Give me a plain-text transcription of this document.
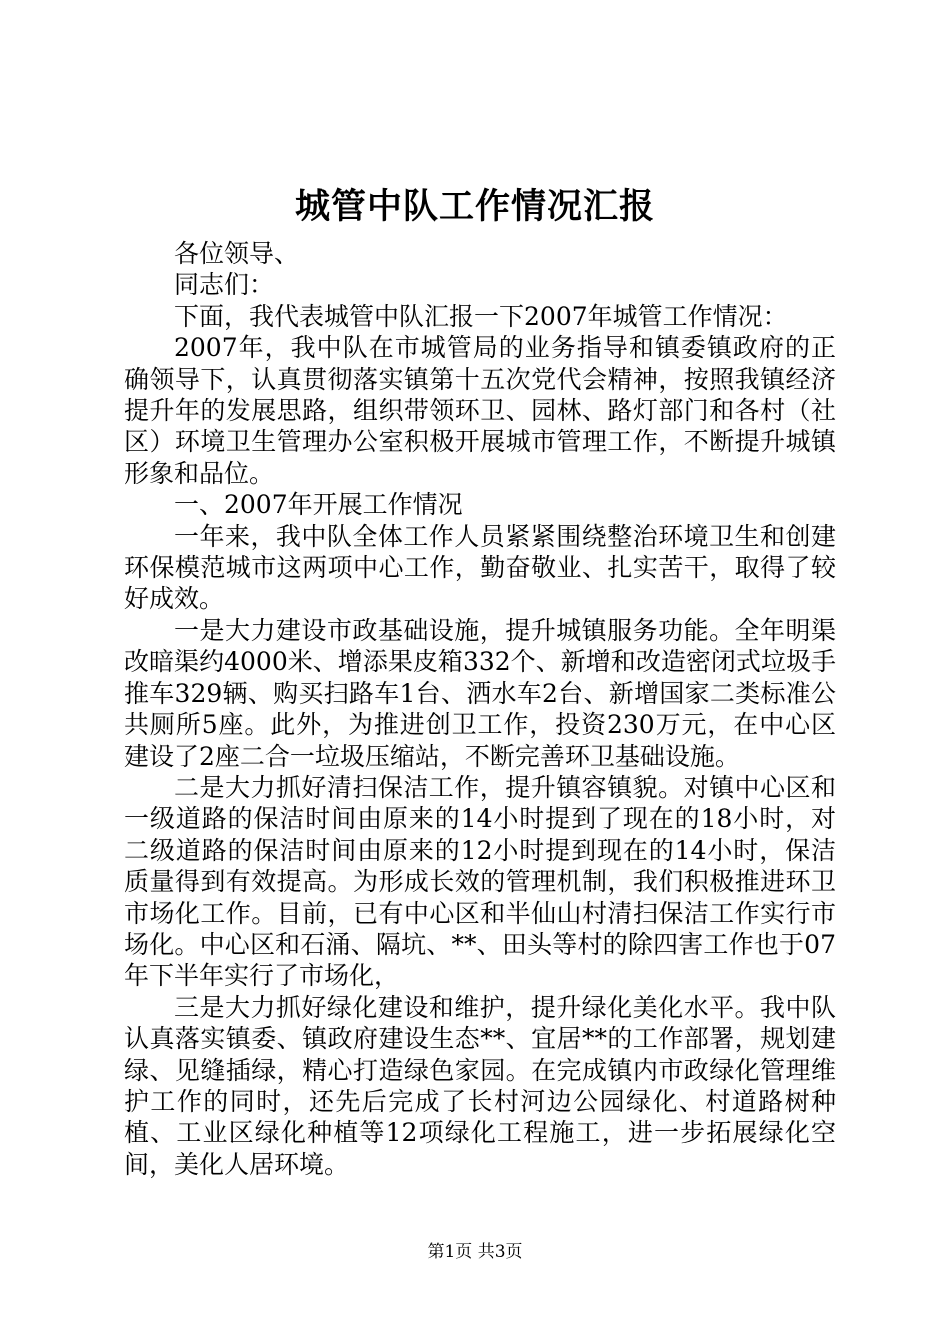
城管中队工作情况汇报

各位领导、

同志们：

下面，我代表城管中队汇报一下2007年城管工作情况：

2007年，我中队在市城管局的业务指导和镇委镇政府的正确领导下，认真贯彻落实镇第十五次党代会精神，按照我镇经济提升年的发展思路，组织带领环卫、园林、路灯部门和各村（社区）环境卫生管理办公室积极开展城市管理工作，不断提升城镇形象和品位。

一、2007年开展工作情况

一年来，我中队全体工作人员紧紧围绕整治环境卫生和创建环保模范城市这两项中心工作，勤奋敬业、扎实苦干，取得了较好成效。

一是大力建设市政基础设施，提升城镇服务功能。全年明渠改暗渠约4000米、增添果皮箱332个、新增和改造密闭式垃圾手推车329辆、购买扫路车1台、洒水车2台、新增国家二类标准公共厕所5座。此外，为推进创卫工作，投资230万元，在中心区建设了2座二合一垃圾压缩站，不断完善环卫基础设施。

二是大力抓好清扫保洁工作，提升镇容镇貌。对镇中心区和一级道路的保洁时间由原来的14小时提到了现在的18小时，对二级道路的保洁时间由原来的12小时提到现在的14小时，保洁质量得到有效提高。为形成长效的管理机制，我们积极推进环卫市场化工作。目前，已有中心区和半仙山村清扫保洁工作实行市场化。中心区和石涌、隔坑、**、田头等村的除四害工作也于07年下半年实行了市场化，

三是大力抓好绿化建设和维护，提升绿化美化水平。我中队认真落实镇委、镇政府建设生态**、宜居**的工作部署，规划建绿、见缝插绿，精心打造绿色家园。在完成镇内市政绿化管理维护工作的同时，还先后完成了长村河边公园绿化、村道路树种植、工业区绿化种植等12项绿化工程施工，进一步拓展绿化空间，美化人居环境。

第1页 共3页
